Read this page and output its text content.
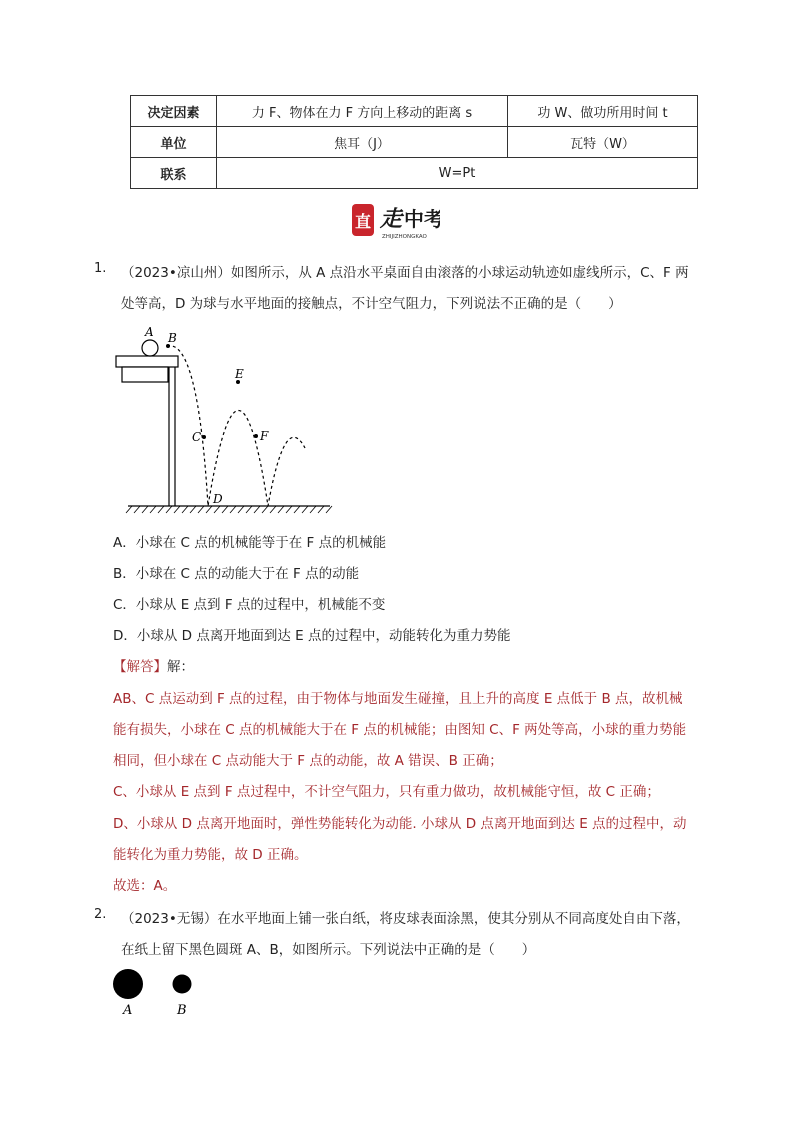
决定因素	力 F、物体在力 F 方向上移动的距离 s	功 W、做功所用时间 t
单位	焦耳（J）	瓦特（W）
联系	W=Pt	
直 ⾛ 中考
ZHIJIZHONGKAO
1. （2023•凉山州）如图所示，从 A 点沿水平桌面自由滚落的小球运动轨迹如虚线所示，C、F 两
处等高，D 为球与水平地面的接触点，不计空气阻力，下列说法不正确的是（　　）
A B
C
D
E
F
A．小球在 C 点的机械能等于在 F 点的机械能
B．小球在 C 点的动能大于在 F 点的动能
C．小球从 E 点到 F 点的过程中，机械能不变
D．小球从 D 点离开地面到达 E 点的过程中，动能转化为重力势能
【解答】解：
AB、C 点运动到 F 点的过程，由于物体与地面发生碰撞，且上升的高度 E 点低于 B 点，故机械
能有损失，小球在 C 点的机械能大于在 F 点的机械能；由图知 C、F 两处等高，小球的重力势能
相同，但小球在 C 点动能大于 F 点的动能，故 A 错误、B 正确；
C、小球从 E 点到 F 点过程中，不计空气阻力，只有重力做功，故机械能守恒，故 C 正确；
D、小球从 D 点离开地面时，弹性势能转化为动能. 小球从 D 点离开地面到达 E 点的过程中，动
能转化为重力势能，故 D 正确。
故选：A。
2. （2023•无锡）在水平地面上铺一张白纸，将皮球表面涂黑，使其分别从不同高度处自由下落，
在纸上留下黑色圆斑 A、B，如图所示。下列说法中正确的是（　　）
A	B
